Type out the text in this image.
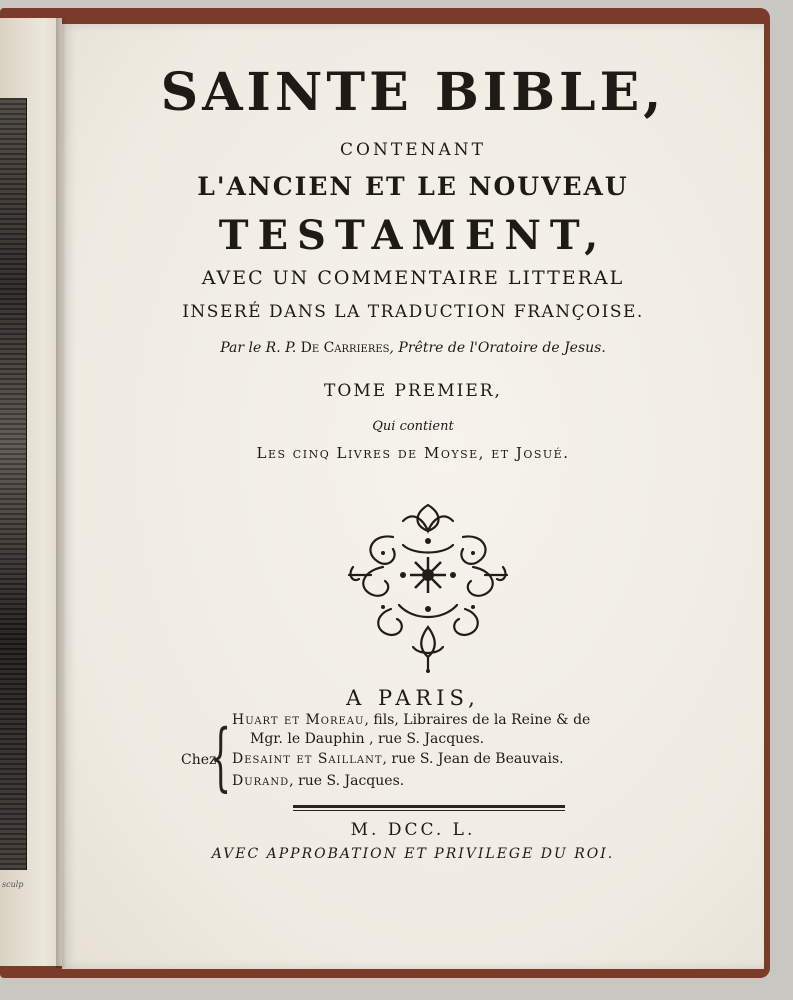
sculp
SAINTE BIBLE,
CONTENANT
L'ANCIEN ET LE NOUVEAU
TESTAMENT,
AVEC UN COMMENTAIRE LITTERAL
INSERÉ DANS LA TRADUCTION FRANÇOISE.
Par le R. P. De Carrieres, Prêtre de l'Oratoire de Jesus.
TOME PREMIER,
Qui contient
Les cinq Livres de Moyse, et Josué.
A PARIS,
Chez
{ Huart et Moreau, fils, Libraires de la Reine & de
Mgr. le Dauphin , rue S. Jacques.
Desaint et Saillant, rue S. Jean de Beauvais.
Durand, rue S. Jacques.
M. DCC. L.
AVEC APPROBATION ET PRIVILEGE DU ROI.
